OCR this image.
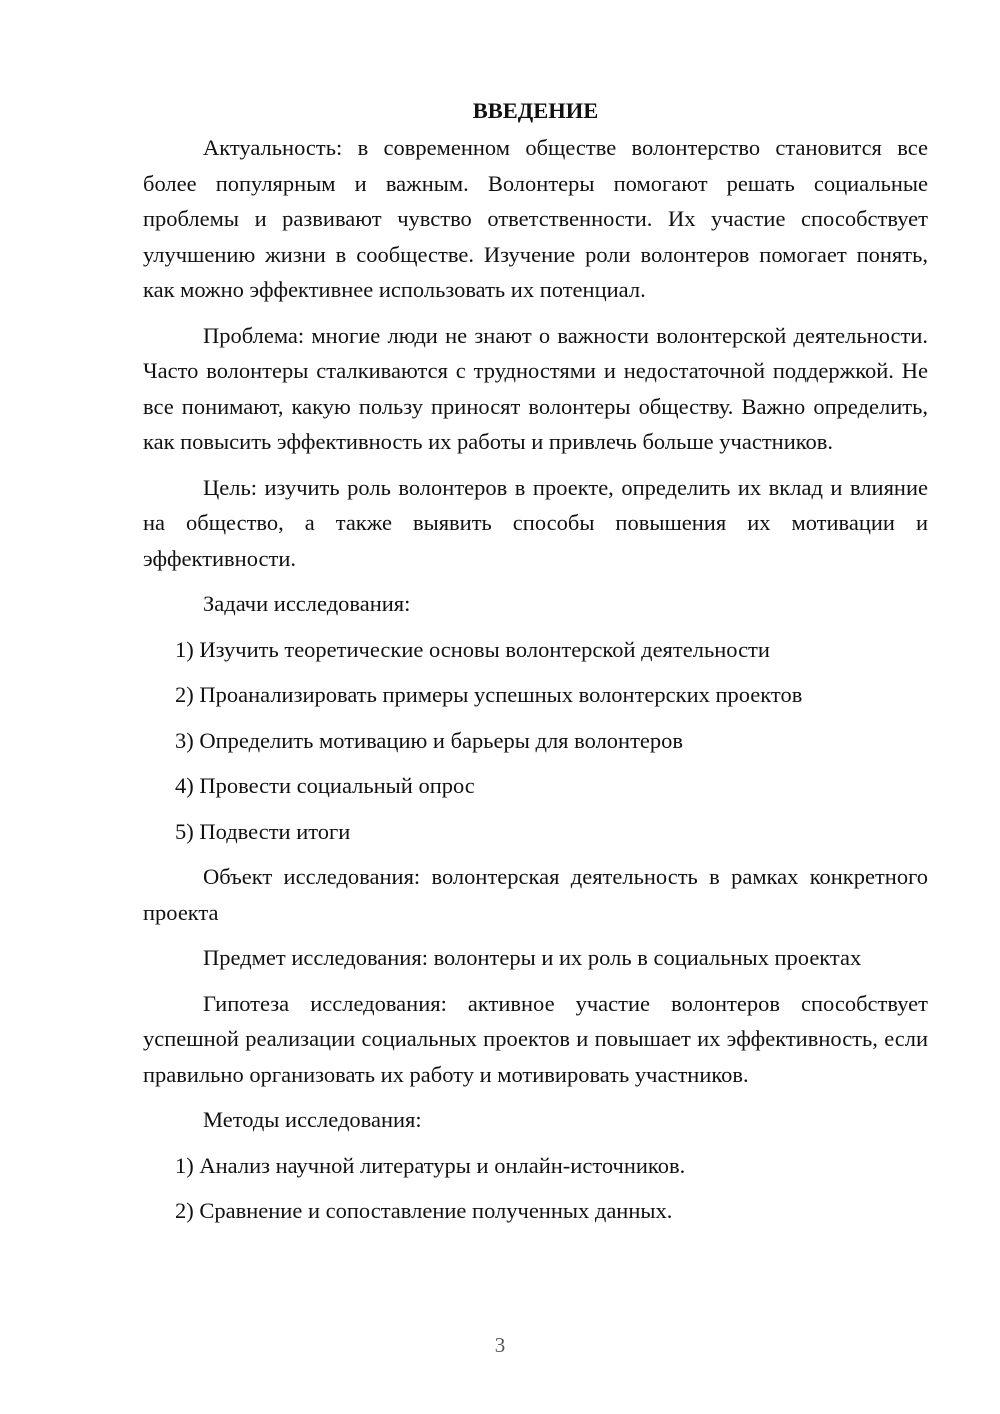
ВВЕДЕНИЕ

Актуальность: в современном обществе волонтерство становится все более популярным и важным. Волонтеры помогают решать социальные проблемы и развивают чувство ответственности. Их участие способствует улучшению жизни в сообществе. Изучение роли волонтеров помогает понять, как можно эффективнее использовать их потенциал.

Проблема: многие люди не знают о важности волонтерской деятельности. Часто волонтеры сталкиваются с трудностями и недостаточной поддержкой. Не все понимают, какую пользу приносят волонтеры обществу. Важно определить, как повысить эффективность их работы и привлечь больше участников.

Цель: изучить роль волонтеров в проекте, определить их вклад и влияние на общество, а также выявить способы повышения их мотивации и эффективности.

Задачи исследования:

1) Изучить теоретические основы волонтерской деятельности
2) Проанализировать примеры успешных волонтерских проектов
3) Определить мотивацию и барьеры для волонтеров
4) Провести социальный опрос
5) Подвести итоги

Объект исследования: волонтерская деятельность в рамках конкретного проекта

Предмет исследования: волонтеры и их роль в социальных проектах

Гипотеза исследования: активное участие волонтеров способствует успешной реализации социальных проектов и повышает их эффективность, если правильно организовать их работу и мотивировать участников.

Методы исследования:

1) Анализ научной литературы и онлайн-источников.
2) Сравнение и сопоставление полученных данных.
3
